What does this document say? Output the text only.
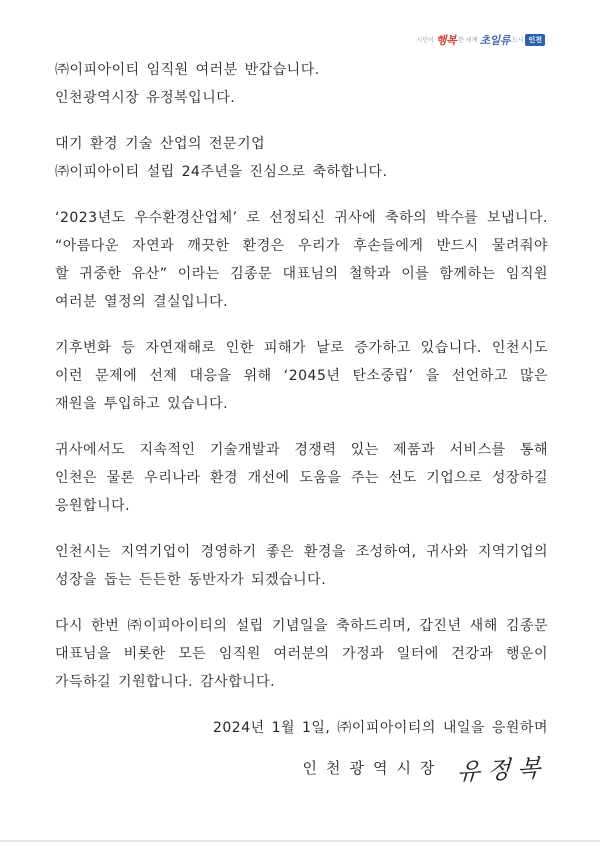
시민이 행복 한 세계 초일류 도시 인천
㈜이피아이티 임직원 여러분 반갑습니다.
인천광역시장 유정복입니다.
대기 환경 기술 산업의 전문기업
㈜이피아이티 설립 24주년을 진심으로 축하합니다.
‘2023년도 우수환경산업체’ 로 선정되신 귀사에 축하의 박수를 보냅니다.
“아름다운 자연과 깨끗한 환경은 우리가 후손들에게 반드시 물려줘야
할 귀중한 유산” 이라는 김종문 대표님의 철학과 이를 함께하는 임직원
여러분 열정의 결실입니다.
기후변화 등 자연재해로 인한 피해가 날로 증가하고 있습니다. 인천시도
이런 문제에 선제 대응을 위해 ‘2045년 탄소중립’ 을 선언하고 많은
재원을 투입하고 있습니다.
귀사에서도 지속적인 기술개발과 경쟁력 있는 제품과 서비스를 통해
인천은 물론 우리나라 환경 개선에 도움을 주는 선도 기업으로 성장하길
응원합니다.
인천시는 지역기업이 경영하기 좋은 환경을 조성하여, 귀사와 지역기업의
성장을 돕는 든든한 동반자가 되겠습니다.
다시 한번 ㈜이피아이티의 설립 기념일을 축하드리며, 갑진년 새해 김종문
대표님을 비롯한 모든 임직원 여러분의 가정과 일터에 건강과 행운이
가득하길 기원합니다. 감사합니다.
2024년 1월 1일, ㈜이피아이티의 내일을 응원하며
인천광역시장 유정복
